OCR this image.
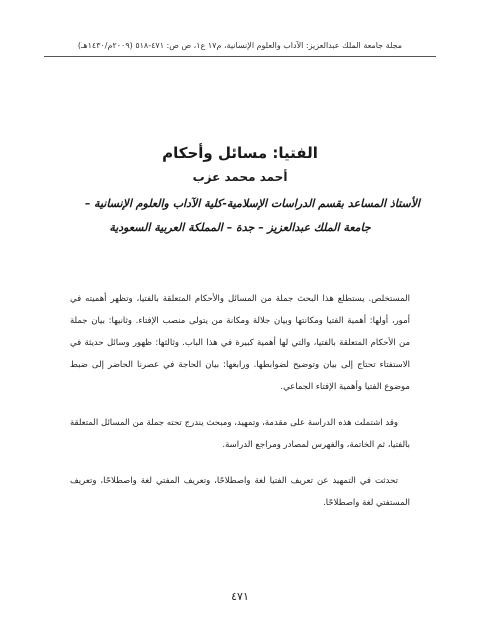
مجلة جامعة الملك عبدالعزيز: الآداب والعلوم الإنسانية، م١٧ ع١، ص ص: ٤٧١-٥١٨ (٢٠٠٩م/١٤٣٠هـ)
الفتيا: مسائل وأحكام
أحمد محمد عزب
الأستاذ المساعد بقسم الدراسات الإسلامية-كلية الآداب والعلوم الإنسانية –
جامعة الملك عبدالعزيز – جدة – المملكة العربية السعودية

المستخلص. يستطلع هذا البحث جملة من المسائل والأحكام المتعلقة بالفتيا، وتظهر أهميته في أمور، أولها: أهمية الفتيا ومكانتها وبيان جلالة ومكانة من يتولى منصب الإفتاء. وثانيها: بيان جملة من الأحكام المتعلقة بالفتيا، والتي لها أهمية كبيرة في هذا الباب. وثالثها: ظهور وسائل حديثة في الاستفتاء تحتاج إلى بيان وتوضيح لضوابطها. ورابعها: بيان الحاجة في عصرنا الحاضر إلى ضبط موضوع الفتيا وأهمية الإفتاء الجماعي.

وقد اشتملت هذه الدراسة على مقدمة، وتمهيد، ومبحث يندرج تحته جملة من المسائل المتعلقة بالفتيا، ثم الخاتمة، والفهرس لمصادر ومراجع الدراسة.

تحدثت في التمهيد عن تعريف الفتيا لغة واصطلاحًا، وتعريف المفتي لغة واصطلاحًا، وتعريف المستفتي لغة واصطلاحًا.

٤٧١
